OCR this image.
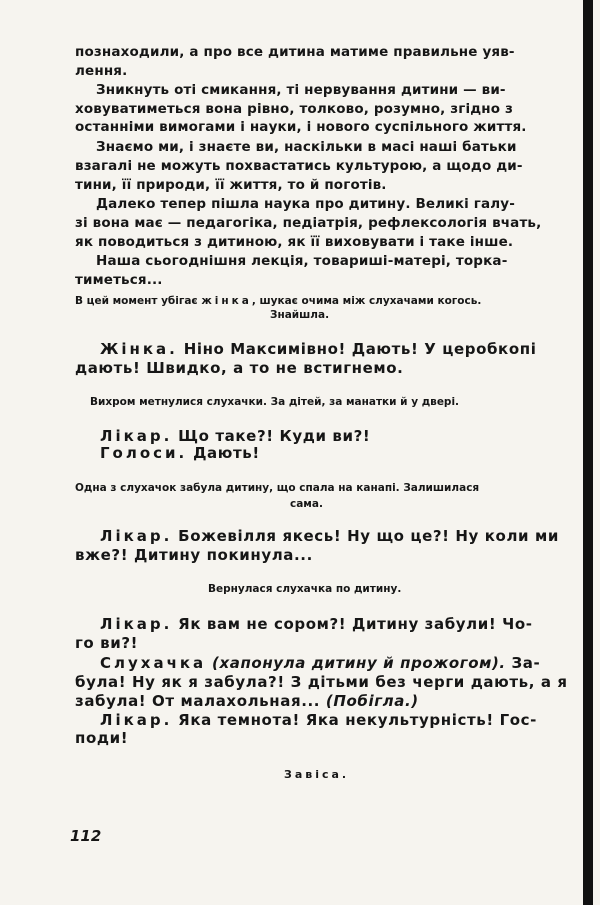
познаходили, а про все дитина матиме правильне уяв-

лення.

Зникнуть оті смикання, ті нервування дитини — ви-

ховуватиметься вона рівно, толково, розумно, згідно з

останніми вимогами і науки, і нового суспільного життя.

Знаємо ми, і знаєте ви, наскільки в масі наші батьки

взагалі не можуть похвастатись культурою, а щодо ди-

тини, її природи, її життя, то й поготів.

Далеко тепер пішла наука про дитину. Великі галу-

зі вона має — педагогіка, педіатрія, рефлексологія вчать,

як поводиться з дитиною, як її виховувати і таке інше.

Наша сьогоднішня лекція, товариші-матері, торка-

тиметься...

В цей момент убігає жінка, шукає очима між слухачами когось.

Знайшла.

Жінка. Ніно Максимівно! Дають! У церобкопі

дають! Швидко, а то не встигнемо.

Вихром метнулися слухачки. За дітей, за манатки й у двері.

Лікар. Що таке?! Куди ви?!

Голоси. Дають!

Одна з слухачок забула дитину, що спала на канапі. Залишилася

сама.

Лікар. Божевілля якесь! Ну що це?! Ну коли ми

вже?! Дитину покинула...

Вернулася слухачка по дитину.

Лікар. Як вам не сором?! Дитину забули! Чо-

го ви?!

Слухачка (хапонула дитину й прожогом). За-

була! Ну як я забула?! З дітьми без черги дають, а я

забула! От малахольная... (Побігла.)

Лікар. Яка темнота! Яка некультурність! Гос-

поди!

Завіса.

112
